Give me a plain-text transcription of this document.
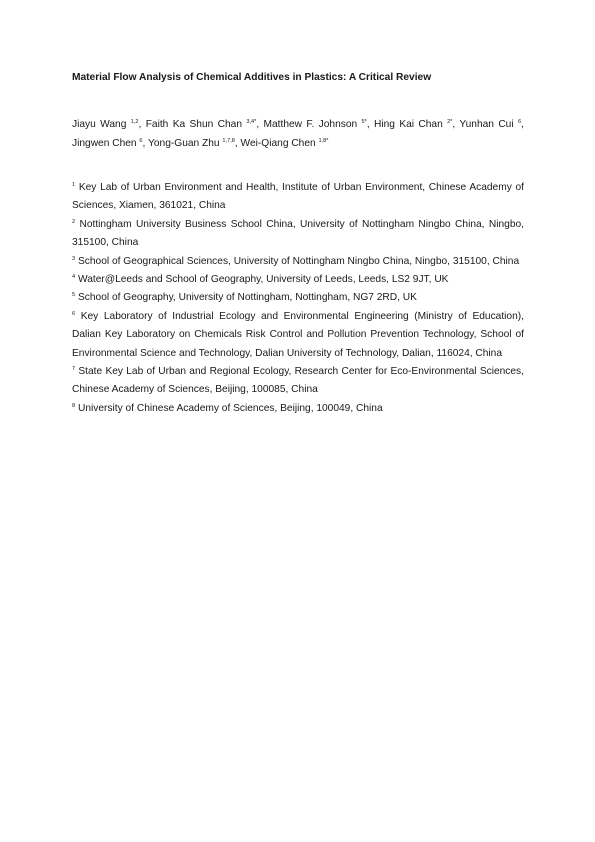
Material Flow Analysis of Chemical Additives in Plastics: A Critical Review
Jiayu Wang $^{1,2}$, Faith Ka Shun Chan $^{3,4*}$, Matthew F. Johnson $^{5*}$, Hing Kai Chan $^{2*}$, Yunhan Cui $^6$, Jingwen Chen $^6$, Yong-Guan Zhu $^{1,7,8}$, Wei-Qiang Chen $^{1,8*}$

$^1$ Key Lab of Urban Environment and Health, Institute of Urban Environment, Chinese Academy of Sciences, Xiamen, 361021, China

$^2$ Nottingham University Business School China, University of Nottingham Ningbo China, Ningbo, 315100, China

$^3$ School of Geographical Sciences, University of Nottingham Ningbo China, Ningbo, 315100, China

$^4$ Water@Leeds and School of Geography, University of Leeds, Leeds, LS2 9JT, UK

$^5$ School of Geography, University of Nottingham, Nottingham, NG7 2RD, UK

$^6$ Key Laboratory of Industrial Ecology and Environmental Engineering (Ministry of Education), Dalian Key Laboratory on Chemicals Risk Control and Pollution Prevention Technology, School of Environmental Science and Technology, Dalian University of Technology, Dalian, 116024, China

$^7$ State Key Lab of Urban and Regional Ecology, Research Center for Eco-Environmental Sciences, Chinese Academy of Sciences, Beijing, 100085, China

$^8$ University of Chinese Academy of Sciences, Beijing, 100049, China
